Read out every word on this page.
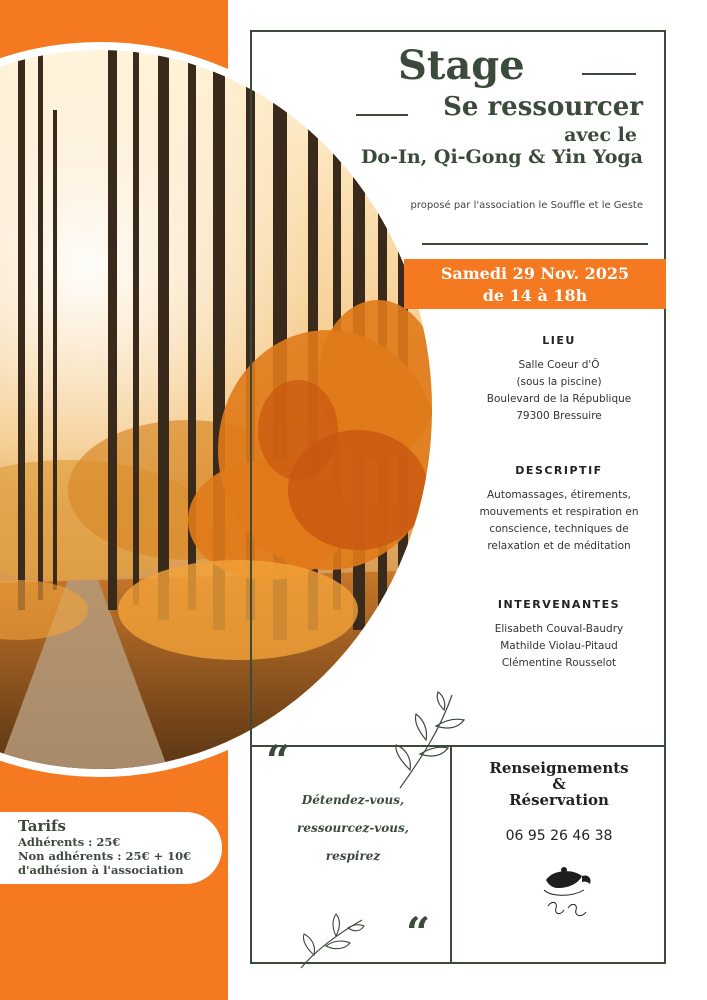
Stage
Se ressourcer
avec le
Do-In, Qi-Gong & Yin Yoga
proposé par l'association le Souffle et le Geste
Samedi 29 Nov. 2025
de 14 à 18h
LIEU

Salle Coeur d'Ô

(sous la piscine)

Boulevard de la République

79300 Bressuire

DESCRIPTIF

Automassages, étirements,

mouvements et respiration en

conscience, techniques de

relaxation et de méditation

INTERVENANTES

Elisabeth Couval-Baudry

Mathilde Violau-Pitaud

Clémentine Rousselot

“
Détendez-vous,
ressourcez-vous,
respirez
“
Renseignements
&
Réservation
06 95 26 46 38
Tarifs
Adhérents : 25€
Non adhérents : 25€ + 10€
d'adhésion à l'association
